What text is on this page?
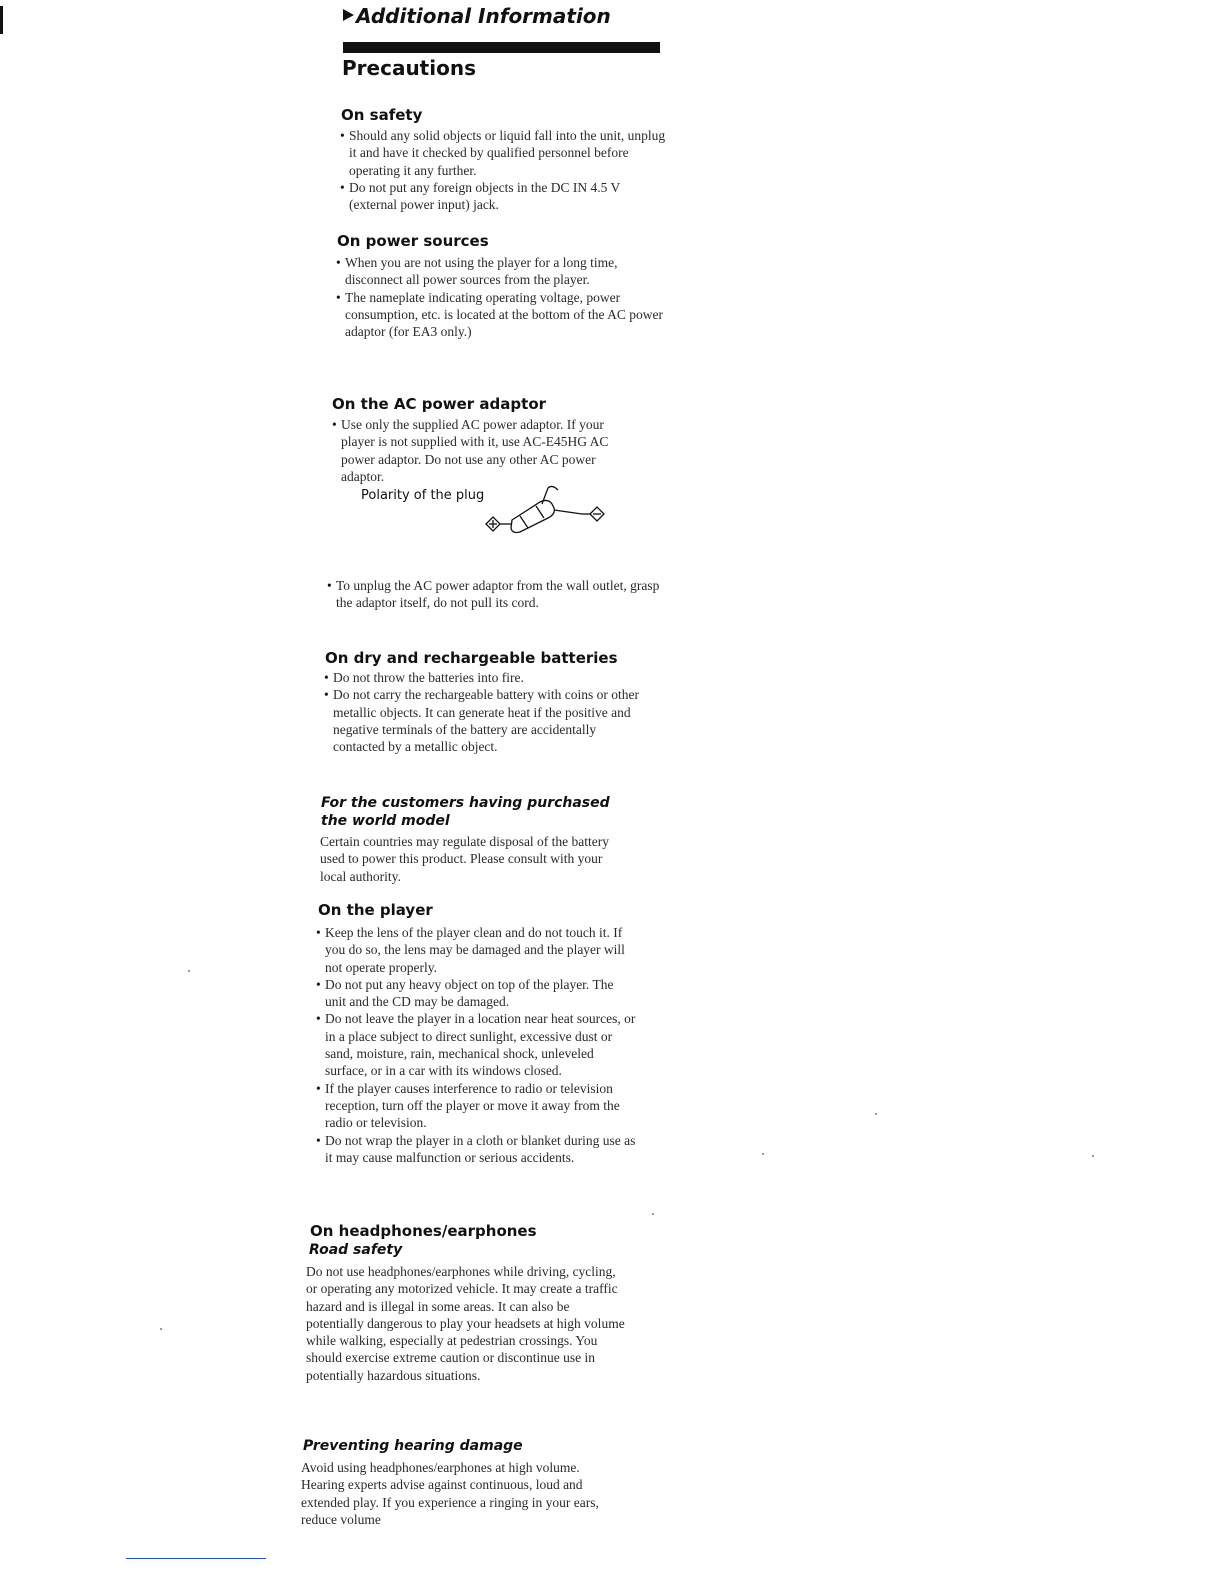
Additional Information
Precautions
On safety
• Should any solid objects or liquid fall into the unit, unplug it and have it checked by qualified personnel before operating it any further.
• Do not put any foreign objects in the DC IN 4.5 V (external power input) jack.
On power sources
• When you are not using the player for a long time, disconnect all power sources from the player.
• The nameplate indicating operating voltage, power consumption, etc. is located at the bottom of the AC power adaptor (for EA3 only.)
On the AC power adaptor
• Use only the supplied AC power adaptor. If your player is not supplied with it, use AC-E45HG AC power adaptor. Do not use any other AC power adaptor.
Polarity of the plug
• To unplug the AC power adaptor from the wall outlet, grasp the adaptor itself, do not pull its cord.
On dry and rechargeable batteries
• Do not throw the batteries into fire.
• Do not carry the rechargeable battery with coins or other metallic objects. It can generate heat if the positive and negative terminals of the battery are accidentally contacted by a metallic object.
For the customers having purchased the world model

Certain countries may regulate disposal of the battery used to power this product. Please consult with your local authority.

On the player
• Keep the lens of the player clean and do not touch it. If you do so, the lens may be damaged and the player will not operate properly.
• Do not put any heavy object on top of the player. The unit and the CD may be damaged.
• Do not leave the player in a location near heat sources, or in a place subject to direct sunlight, excessive dust or sand, moisture, rain, mechanical shock, unleveled surface, or in a car with its windows closed.
• If the player causes interference to radio or television reception, turn off the player or move it away from the radio or television.
• Do not wrap the player in a cloth or blanket during use as it may cause malfunction or serious accidents.
On headphones/earphones
Road safety

Do not use headphones/earphones while driving, cycling, or operating any motorized vehicle. It may create a traffic hazard and is illegal in some areas. It can also be potentially dangerous to play your headsets at high volume while walking, especially at pedestrian crossings. You should exercise extreme caution or discontinue use in potentially hazardous situations.

Preventing hearing damage

Avoid using headphones/earphones at high volume. Hearing experts advise against continuous, loud and extended play. If you experience a ringing in your ears, reduce volume
